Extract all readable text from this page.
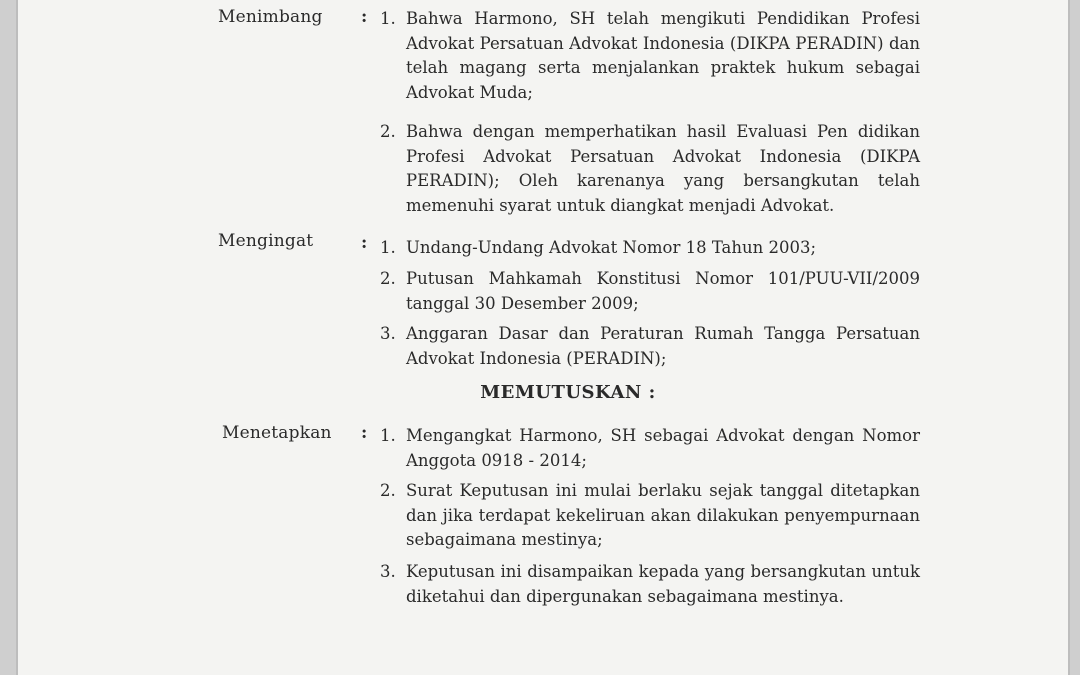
Menimbang : 1. Bahwa Harmono, SH telah mengikuti Pendidikan Profesi Advokat Persatuan Advokat Indonesia (DIKPA PERADIN) dan telah magang serta menjalankan praktek hukum sebagai Advokat Muda;
2. Bahwa dengan memperhatikan hasil Evaluasi Pen didikan Profesi Advokat Persatuan Advokat Indonesia (DIKPA PERADIN); Oleh karenanya yang bersangkutan telah memenuhi syarat untuk diangkat menjadi Advokat.
Mengingat	: 1. Undang-Undang Advokat Nomor 18 Tahun 2003;
2. Putusan Mahkamah Konstitusi Nomor 101/PUU-VII/2009 tanggal 30 Desember 2009;
3. Anggaran Dasar dan Peraturan Rumah Tangga Persatuan Advokat Indonesia (PERADIN);
MEMUTUSKAN :
Menetapkan : 1. Mengangkat Harmono, SH sebagai Advokat dengan Nomor Anggota 0918 - 2014;
2. Surat Keputusan ini mulai berlaku sejak tanggal ditetapkan dan jika terdapat kekeliruan akan dilakukan penyempurnaan sebagaimana mestinya;
3. Keputusan ini disampaikan kepada yang bersangkutan untuk diketahui dan dipergunakan sebagaimana mestinya.
